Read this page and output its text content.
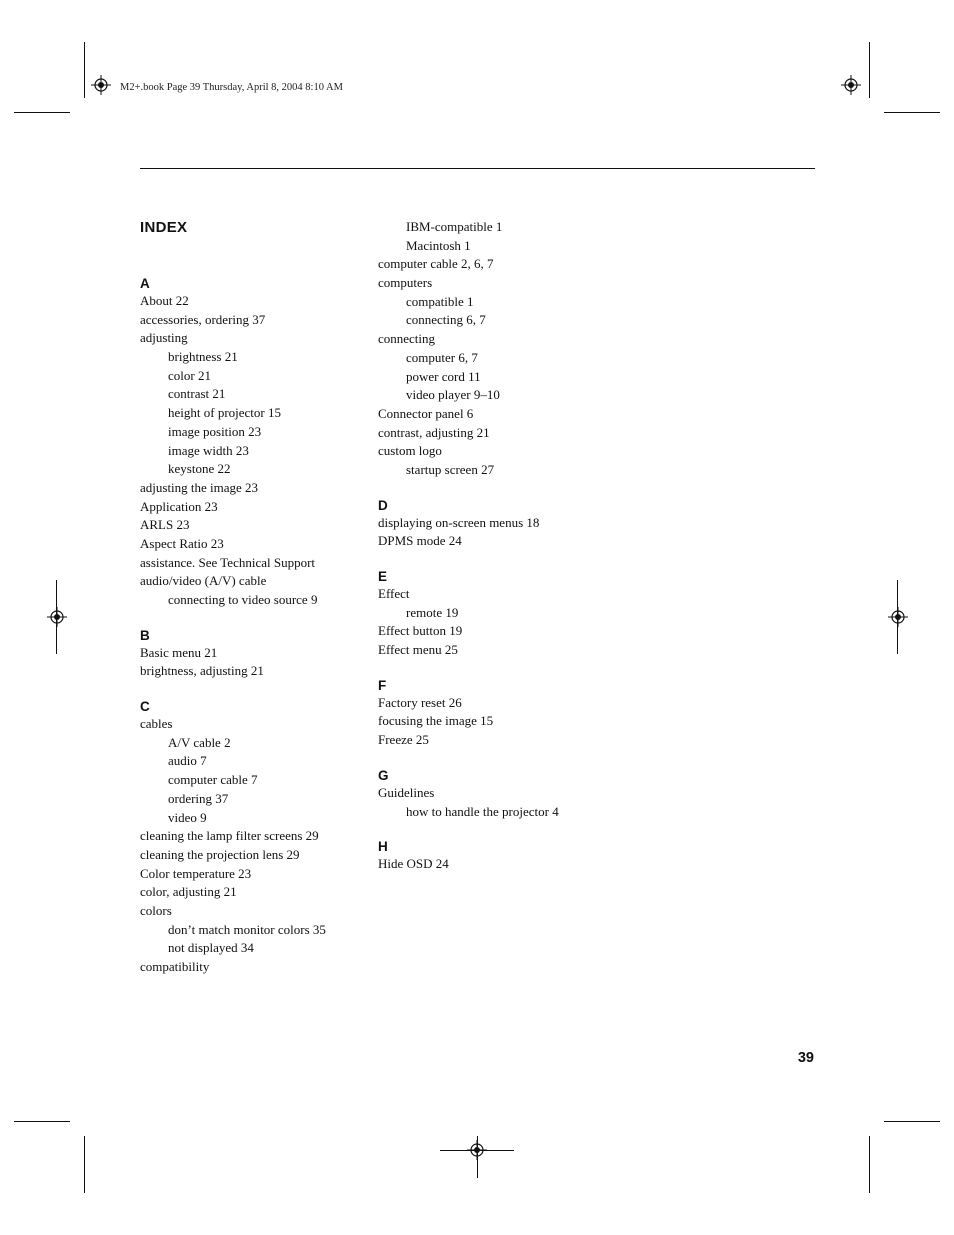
M2+.book Page 39 Thursday, April 8, 2004 8:10 AM
INDEX
A
About 22
accessories, ordering 37
adjusting
brightness 21
color 21
contrast 21
height of projector 15
image position 23
image width 23
keystone 22
adjusting the image 23
Application 23
ARLS 23
Aspect Ratio 23
assistance. See Technical Support
audio/video (A/V) cable
connecting to video source 9
B
Basic menu 21
brightness, adjusting 21
C
cables
A/V cable 2
audio 7
computer cable 7
ordering 37
video 9
cleaning the lamp filter screens 29
cleaning the projection lens 29
Color temperature 23
color, adjusting 21
colors
don’t match monitor colors 35
not displayed 34
compatibility
IBM-compatible 1
Macintosh 1
computer cable 2, 6, 7
computers
compatible 1
connecting 6, 7
connecting
computer 6, 7
power cord 11
video player 9–10
Connector panel 6
contrast, adjusting 21
custom logo
startup screen 27
D
displaying on-screen menus 18
DPMS mode 24
E
Effect
remote 19
Effect button 19
Effect menu 25
F
Factory reset 26
focusing the image 15
Freeze 25
G
Guidelines
how to handle the projector 4
H
Hide OSD 24
39
